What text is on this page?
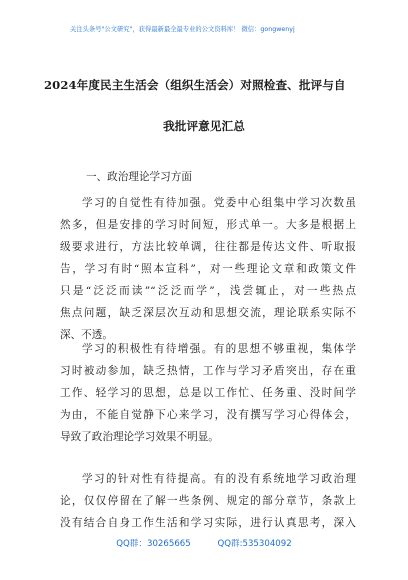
关注头条号"公文研究"，获得最新最全最专业的公文资料库！ 微信：gongwenyj
2024年度民主生活会（组织生活会）对照检查、批评与自
我批评意见汇总
一、政治理论学习方面
学习的自觉性有待加强。党委中心组集中学习次数虽
然多，但是安排的学习时间短，形式单一。大多是根据上
级要求进行，方法比较单调，往往都是传达文件、听取报
告，学习有时“照本宣科”，对一些理论文章和政策文件
只是“泛泛而读”“泛泛而学”，浅尝辄止，对一些热点
焦点问题，缺乏深层次互动和思想交流，理论联系实际不
深、不透。
学习的积极性有待增强。有的思想不够重视，集体学
习时被动参加，缺乏热情，工作与学习矛盾突出，存在重
工作、轻学习的思想，总是以工作忙、任务重、没时间学
为由，不能自觉静下心来学习，没有撰写学习心得体会，
导致了政治理论学习效果不明显。
学习的针对性有待提高。有的没有系统地学习政治理
论，仅仅停留在了解一些条例、规定的部分章节，条款上
没有结合自身工作生活和学习实际，进行认真思考，深入
QQ群：30265665	QQ群:535304092
